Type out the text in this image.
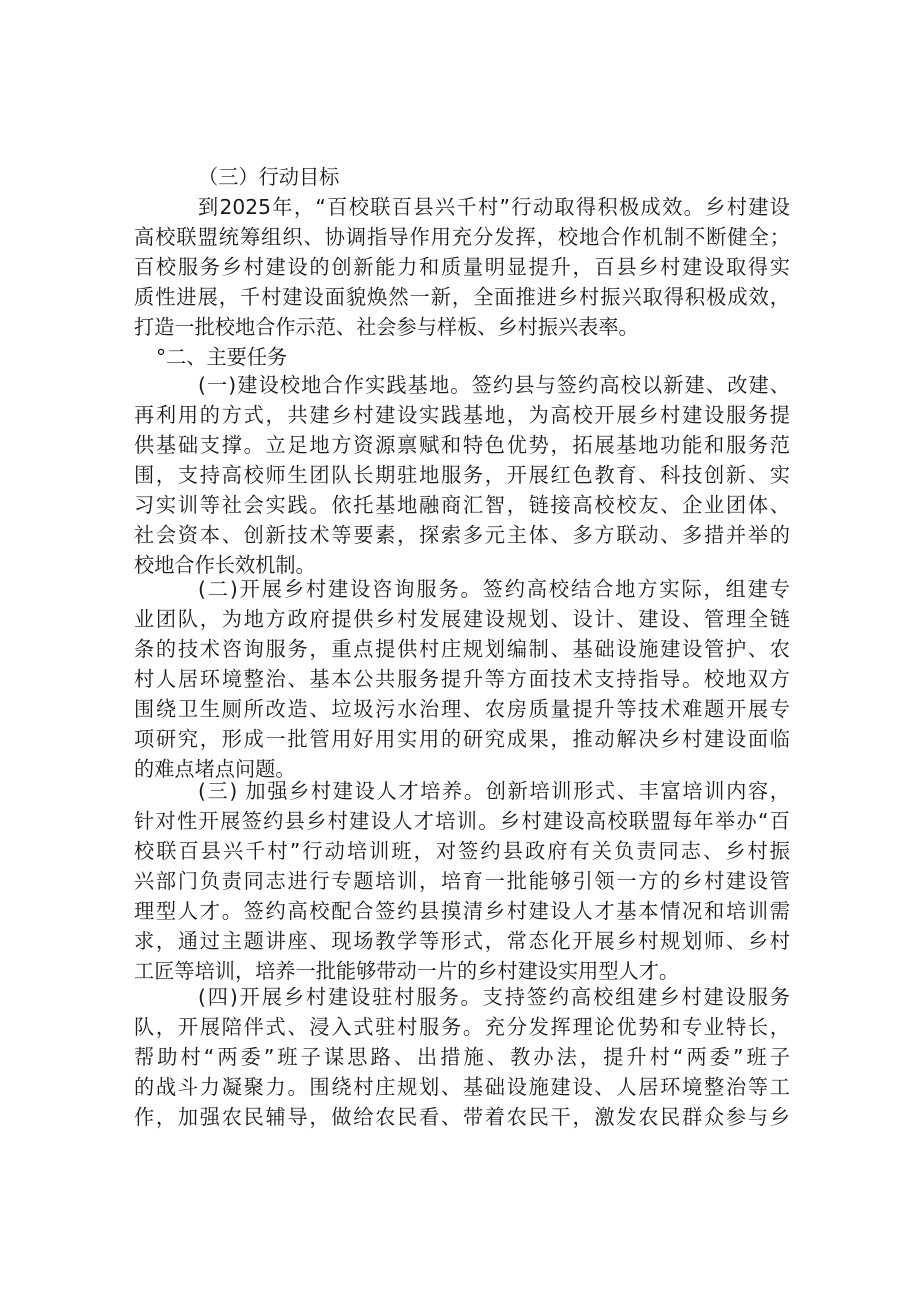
（三）行动目标
到2025年，“百校联百县兴千村”行动取得积极成效。乡村建设
高校联盟统筹组织、协调指导作用充分发挥，校地合作机制不断健全；
百校服务乡村建设的创新能力和质量明显提升，百县乡村建设取得实
质性进展，千村建设面貌焕然一新，全面推进乡村振兴取得积极成效，
打造一批校地合作示范、社会参与样板、乡村振兴表率。
°二、主要任务
(一)建设校地合作实践基地。签约县与签约高校以新建、改建、
再利用的方式，共建乡村建设实践基地，为高校开展乡村建设服务提
供基础支撑。立足地方资源禀赋和特色优势，拓展基地功能和服务范
围，支持高校师生团队长期驻地服务，开展红色教育、科技创新、实
习实训等社会实践。依托基地融商汇智，链接高校校友、企业团体、
社会资本、创新技术等要素，探索多元主体、多方联动、多措并举的
校地合作长效机制。
(二)开展乡村建设咨询服务。签约高校结合地方实际，组建专
业团队，为地方政府提供乡村发展建设规划、设计、建设、管理全链
条的技术咨询服务，重点提供村庄规划编制、基础设施建设管护、农
村人居环境整治、基本公共服务提升等方面技术支持指导。校地双方
围绕卫生厕所改造、垃圾污水治理、农房质量提升等技术难题开展专
项研究，形成一批管用好用实用的研究成果，推动解决乡村建设面临
的难点堵点问题。
(三) 加强乡村建设人才培养。创新培训形式、丰富培训内容，
针对性开展签约县乡村建设人才培训。乡村建设高校联盟每年举办“百
校联百县兴千村”行动培训班，对签约县政府有关负责同志、乡村振
兴部门负责同志进行专题培训，培育一批能够引领一方的乡村建设管
理型人才。签约高校配合签约县摸清乡村建设人才基本情况和培训需
求，通过主题讲座、现场教学等形式，常态化开展乡村规划师、乡村
工匠等培训，培养一批能够带动一片的乡村建设实用型人才。
(四)开展乡村建设驻村服务。支持签约高校组建乡村建设服务
队，开展陪伴式、浸入式驻村服务。充分发挥理论优势和专业特长，
帮助村“两委”班子谋思路、出措施、教办法，提升村“两委”班子
的战斗力凝聚力。围绕村庄规划、基础设施建设、人居环境整治等工
作，加强农民辅导，做给农民看、带着农民干，激发农民群众参与乡
